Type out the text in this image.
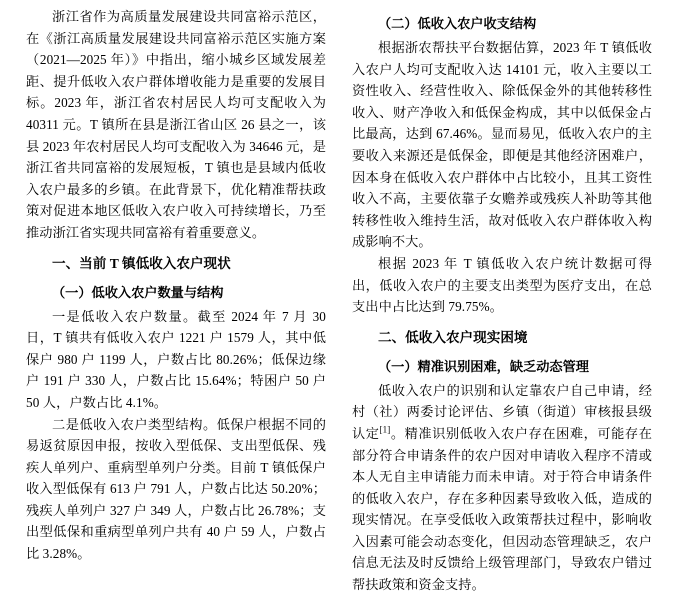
浙江省作为高质量发展建设共同富裕示范区，在《浙江高质量发展建设共同富裕示范区实施方案（2021—2025 年）》中指出，缩小城乡区域发展差距、提升低收入农户群体增收能力是重要的发展目标。2023 年，浙江省农村居民人均可支配收入为 40311 元。T 镇所在县是浙江省山区 26 县之一，该县 2023 年农村居民人均可支配收入为 34646 元，是浙江省共同富裕的发展短板，T 镇也是县域内低收入农户最多的乡镇。在此背景下，优化精准帮扶政策对促进本地区低收入农户收入可持续增长，乃至推动浙江省实现共同富裕有着重要意义。

一、当前 T 镇低收入农户现状
（一）低收入农户数量与结构

一是低收入农户数量。截至 2024 年 7 月 30 日，T 镇共有低收入农户 1221 户 1579 人，其中低保户 980 户 1199 人，户数占比 80.26%；低保边缘户 191 户 330 人，户数占比 15.64%；特困户 50 户 50 人，户数占比 4.1%。

二是低收入农户类型结构。低保户根据不同的易返贫原因申报，按收入型低保、支出型低保、残疾人单列户、重病型单列户分类。目前 T 镇低保户收入型低保有 613 户 791 人，户数占比达 50.20%；残疾人单列户 327 户 349 人，户数占比 26.78%；支出型低保和重病型单列户共有 40 户 59 人，户数占比 3.28%。

（二）低收入农户收支结构

根据浙农帮扶平台数据估算，2023 年 T 镇低收入农户人均可支配收入达 14101 元，收入主要以工资性收入、经营性收入、除低保金外的其他转移性收入、财产净收入和低保金构成，其中以低保金占比最高，达到 67.46%。显而易见，低收入农户的主要收入来源还是低保金，即便是其他经济困难户，因本身在低收入农户群体中占比较小，且其工资性收入不高，主要依靠子女赡养或残疾人补助等其他转移性收入维持生活，故对低收入农户群体收入构成影响不大。

根据 2023 年 T 镇低收入农户统计数据可得出，低收入农户的主要支出类型为医疗支出，在总支出中占比达到 79.75%。

二、低收入农户现实困境
（一）精准识别困难，缺乏动态管理

低收入农户的识别和认定靠农户自己申请，经村（社）两委讨论评估、乡镇（街道）审核报县级认定[1]。精准识别低收入农户存在困难，可能存在部分符合申请条件的农户因对申请收入程序不清或本人无自主申请能力而未申请。对于符合申请条件的低收入农户，存在多种因素导致收入低，造成的现实情况。在享受低收入政策帮扶过程中，影响收入因素可能会动态变化，但因动态管理缺乏，农户信息无法及时反馈给上级管理部门，导致农户错过帮扶政策和资金支持。
